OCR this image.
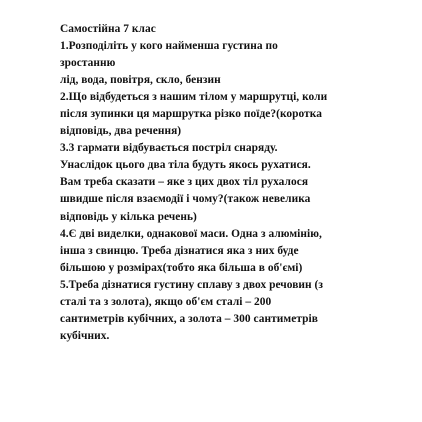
Самостійна 7 клас
1.Розподіліть у кого найменша густина по
зростанню
лід, вода, повітря, скло, бензин
2.Що відбудеться з нашим тілом у маршрутці, коли
після зупинки ця маршрутка різко поїде?(коротка
відповідь, два речення)
3.3 гармати відбувається постріл снаряду.
Унаслідок цього два тіла будуть якось рухатися.
Вам треба сказати – яке з цих двох тіл рухалося
швидше після взаємодії і чому?(також невелика
відповідь у кілька речень)
4.Є дві виделки, однакової маси. Одна з алюмінію,
інша з свинцю. Треба дізнатися яка з них буде
більшою у розмірах(тобто яка більша в об'ємі)
5.Треба дізнатися густину сплаву з двох речовин (з
сталі та з золота), якщо об'єм сталі – 200
сантиметрів кубічних, а золота – 300 сантиметрів
кубічних.
